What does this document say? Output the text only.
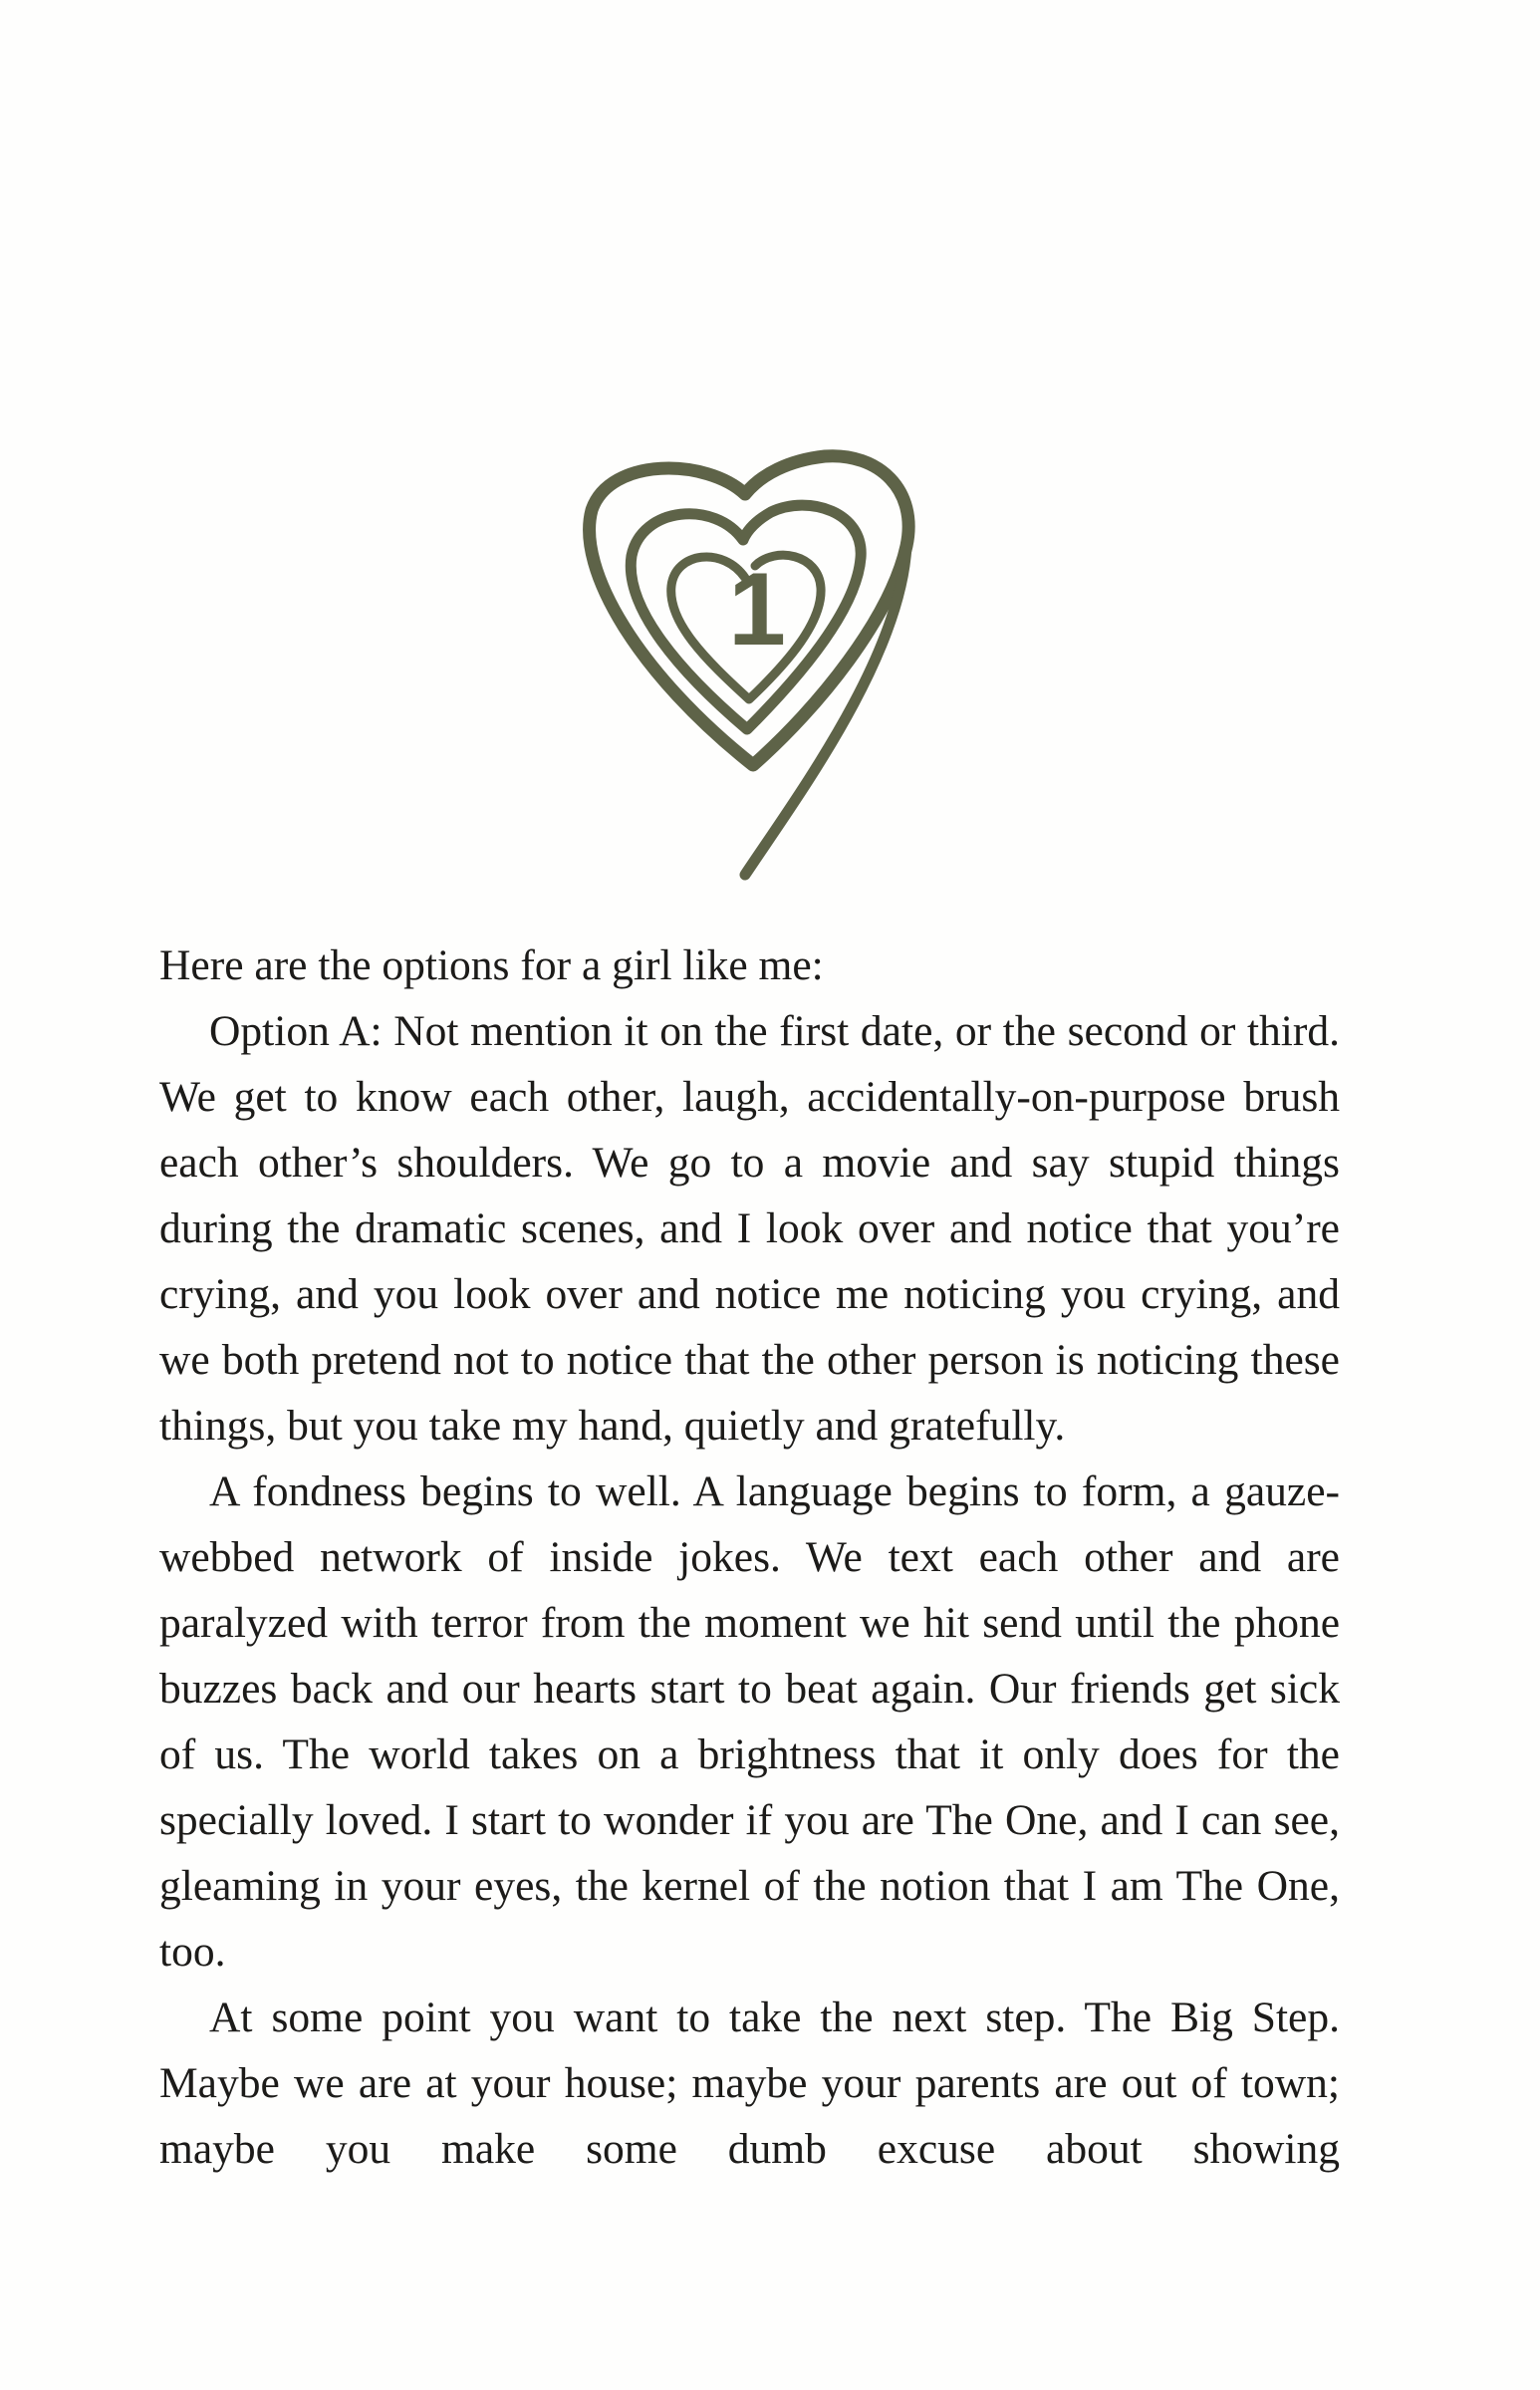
1

Here are the options for a girl like me:

Option A: Not mention it on the first date, or the second or third. We get to know each other, laugh, accidentally-on-purpose brush each other’s shoulders. We go to a movie and say stupid things during the dramatic scenes, and I look over and notice that you’re crying, and you look over and notice me noticing you crying, and we both pretend not to notice that the other person is noticing these things, but you take my hand, quietly and gratefully.

A fondness begins to well. A language begins to form, a gauze-webbed network of inside jokes. We text each other and are paralyzed with terror from the moment we hit send until the phone buzzes back and our hearts start to beat again. Our friends get sick of us. The world takes on a brightness that it only does for the specially loved. I start to wonder if you are The One, and I can see, gleaming in your eyes, the kernel of the notion that I am The One, too.

At some point you want to take the next step. The Big Step. Maybe we are at your house; maybe your parents are out of town; maybe you make some dumb excuse about showing
